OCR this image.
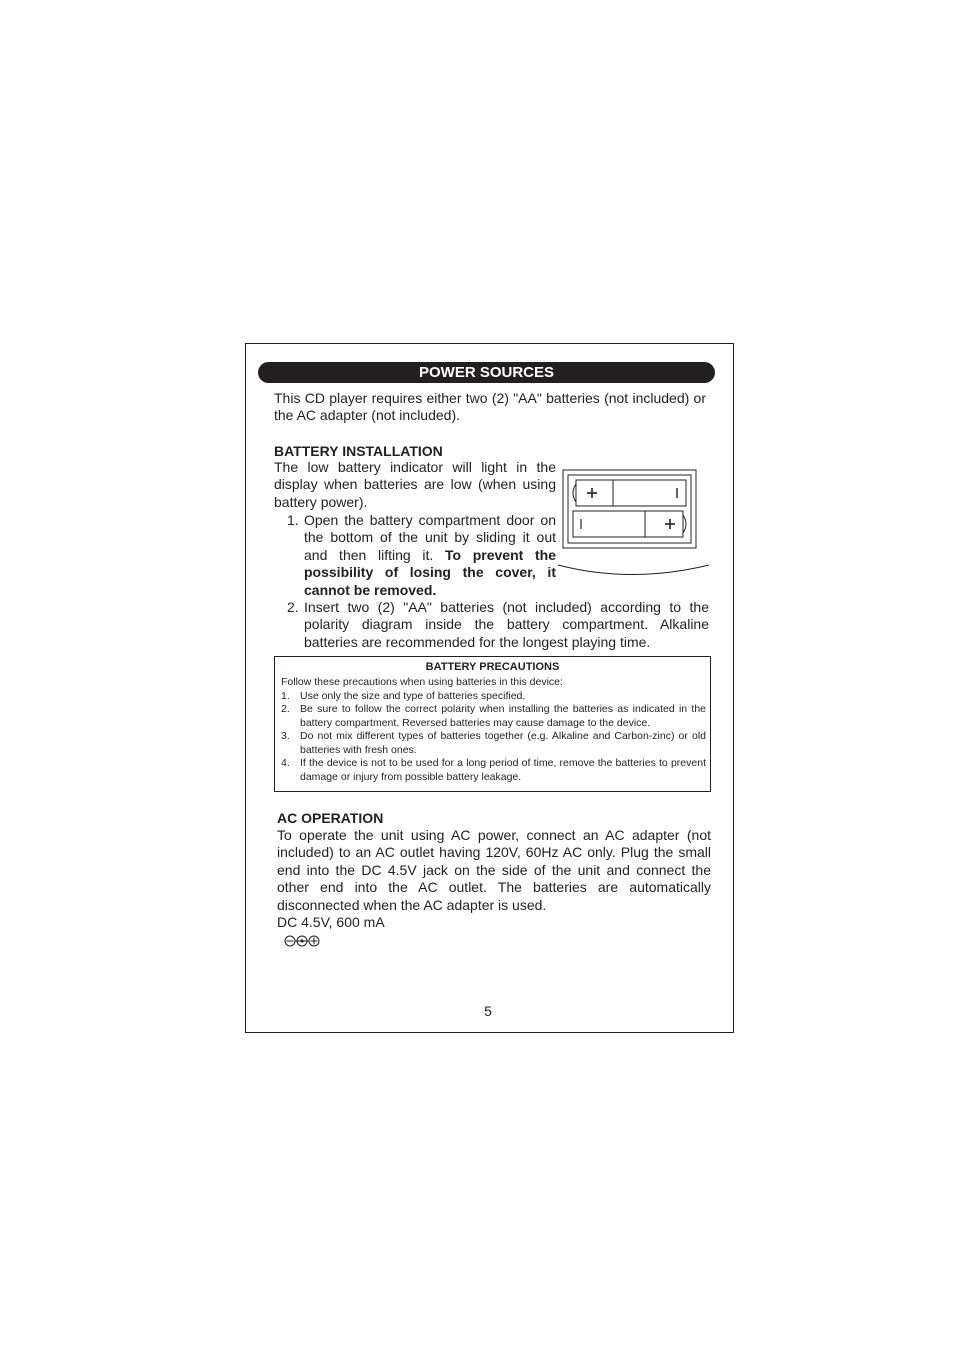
POWER SOURCES

This CD player requires either two (2) "AA" batteries (not included) or the AC adapter (not included).

BATTERY INSTALLATION

The low battery indicator will light in the display when batteries are low (when using battery power).

1. Open the battery compartment door on the bottom of the unit by sliding it out and then lifting it. To prevent the possibility of losing the cover, it cannot be removed.

2. Insert two (2) "AA" batteries (not included) according to the polarity diagram inside the battery compartment. Alkaline batteries are recommended for the longest playing time.

BATTERY PRECAUTIONS
Follow these precautions when using batteries in this device:
1. Use only the size and type of batteries specified.
2. Be sure to follow the correct polarity when installing the batteries as indicated in the battery compartment. Reversed batteries may cause damage to the device.
3. Do not mix different types of batteries together (e.g. Alkaline and Carbon-zinc) or old batteries with fresh ones.
4. If the device is not to be used for a long period of time, remove the batteries to prevent damage or injury from possible battery leakage.

AC OPERATION

To operate the unit using AC power, connect an AC adapter (not included) to an AC outlet having 120V, 60Hz AC only. Plug the small end into the DC 4.5V jack on the side of the unit and connect the other end into the AC outlet. The batteries are automatically disconnected when the AC adapter is used.

DC 4.5V, 600 mA
5
